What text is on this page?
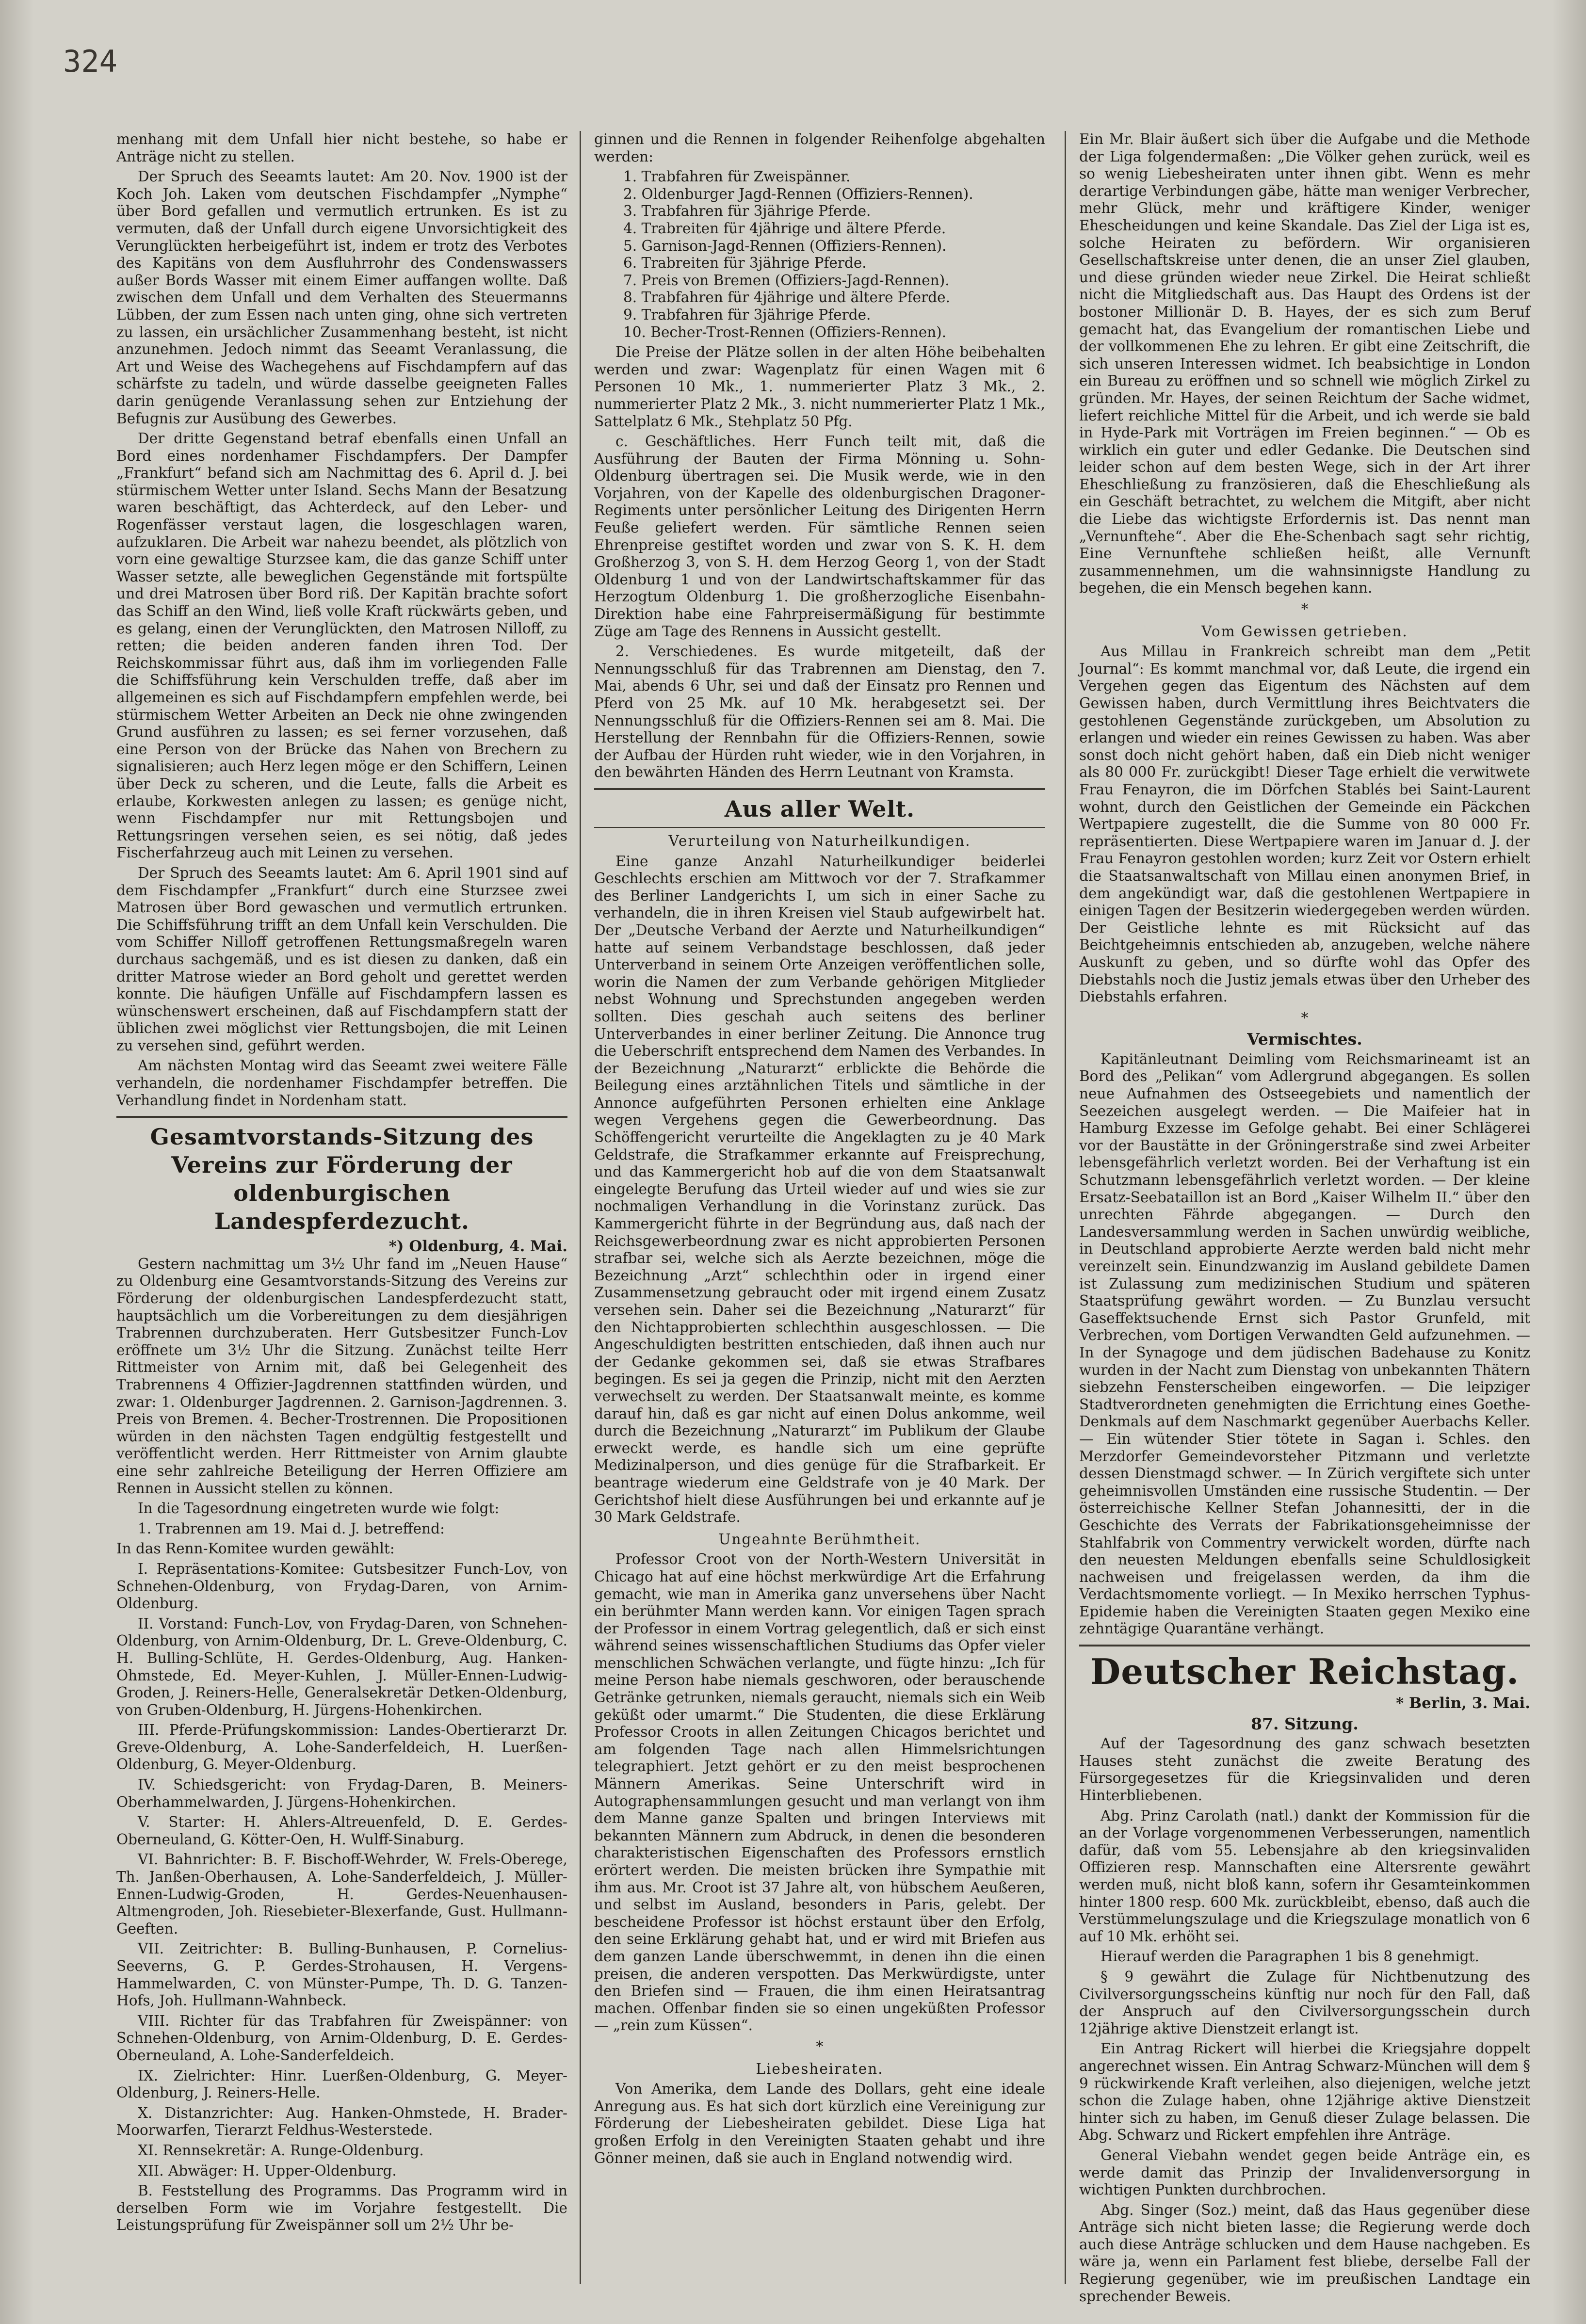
324

menhang mit dem Unfall hier nicht bestehe, so habe er Anträge nicht zu stellen.

Der Spruch des Seeamts lautet: Am 20. Nov. 1900 ist der Koch Joh. Laken vom deutschen Fischdampfer „Nymphe“ über Bord gefallen und vermutlich ertrunken. Es ist zu vermuten, daß der Unfall durch eigene Unvorsichtigkeit des Verunglückten herbeigeführt ist, indem er trotz des Verbotes des Kapitäns von dem Ausfluhrrohr des Condenswassers außer Bords Wasser mit einem Eimer auffangen wollte. Daß zwischen dem Unfall und dem Verhalten des Steuermanns Lübben, der zum Essen nach unten ging, ohne sich vertreten zu lassen, ein ursächlicher Zusammenhang besteht, ist nicht anzunehmen. Jedoch nimmt das Seeamt Veranlassung, die Art und Weise des Wachegehens auf Fischdampfern auf das schärfste zu tadeln, und würde dasselbe geeigneten Falles darin genügende Veranlassung sehen zur Entziehung der Befugnis zur Ausübung des Gewerbes.

Der dritte Gegenstand betraf ebenfalls einen Unfall an Bord eines nordenhamer Fischdampfers. Der Dampfer „Frankfurt“ befand sich am Nachmittag des 6. April d. J. bei stürmischem Wetter unter Island. Sechs Mann der Besatzung waren beschäftigt, das Achterdeck, auf den Leber- und Rogenfässer verstaut lagen, die losgeschlagen waren, aufzuklaren. Die Arbeit war nahezu beendet, als plötzlich von vorn eine gewaltige Sturzsee kam, die das ganze Schiff unter Wasser setzte, alle beweglichen Gegenstände mit fortspülte und drei Matrosen über Bord riß. Der Kapitän brachte sofort das Schiff an den Wind, ließ volle Kraft rückwärts geben, und es gelang, einen der Verunglückten, den Matrosen Nilloff, zu retten; die beiden anderen fanden ihren Tod. Der Reichskommissar führt aus, daß ihm im vorliegenden Falle die Schiffsführung kein Verschulden treffe, daß aber im allgemeinen es sich auf Fischdampfern empfehlen werde, bei stürmischem Wetter Arbeiten an Deck nie ohne zwingenden Grund ausführen zu lassen; es sei ferner vorzusehen, daß eine Person von der Brücke das Nahen von Brechern zu signalisieren; auch Herz legen möge er den Schiffern, Leinen über Deck zu scheren, und die Leute, falls die Arbeit es erlaube, Korkwesten anlegen zu lassen; es genüge nicht, wenn Fischdampfer nur mit Rettungsbojen und Rettungsringen versehen seien, es sei nötig, daß jedes Fischerfahrzeug auch mit Leinen zu versehen.

Der Spruch des Seeamts lautet: Am 6. April 1901 sind auf dem Fischdampfer „Frankfurt“ durch eine Sturzsee zwei Matrosen über Bord gewaschen und vermutlich ertrunken. Die Schiffsführung trifft an dem Unfall kein Verschulden. Die vom Schiffer Nilloff getroffenen Rettungsmaßregeln waren durchaus sachgemäß, und es ist diesen zu danken, daß ein dritter Matrose wieder an Bord geholt und gerettet werden konnte. Die häufigen Unfälle auf Fischdampfern lassen es wünschenswert erscheinen, daß auf Fischdampfern statt der üblichen zwei möglichst vier Rettungsbojen, die mit Leinen zu versehen sind, geführt werden.

Am nächsten Montag wird das Seeamt zwei weitere Fälle verhandeln, die nordenhamer Fischdampfer betreffen. Die Verhandlung findet in Nordenham statt.

Gesamtvorstands-Sitzung des Vereins zur Förderung der oldenburgischen Landespferdezucht.
*) Oldenburg, 4. Mai.

Gestern nachmittag um 3½ Uhr fand im „Neuen Hause“ zu Oldenburg eine Gesamtvorstands-Sitzung des Vereins zur Förderung der oldenburgischen Landespferdezucht statt, hauptsächlich um die Vorbereitungen zu dem diesjährigen Trabrennen durchzuberaten. Herr Gutsbesitzer Funch-Lov eröffnete um 3½ Uhr die Sitzung. Zunächst teilte Herr Rittmeister von Arnim mit, daß bei Gelegenheit des Trabrennens 4 Offizier-Jagdrennen stattfinden würden, und zwar: 1. Oldenburger Jagdrennen. 2. Garnison-Jagdrennen. 3. Preis von Bremen. 4. Becher-Trostrennen. Die Propositionen würden in den nächsten Tagen endgültig festgestellt und veröffentlicht werden. Herr Rittmeister von Arnim glaubte eine sehr zahlreiche Beteiligung der Herren Offiziere am Rennen in Aussicht stellen zu können.

In die Tagesordnung eingetreten wurde wie folgt:

1. Trabrennen am 19. Mai d. J. betreffend:

In das Renn-Komitee wurden gewählt:

I. Repräsentations-Komitee: Gutsbesitzer Funch-Lov, von Schnehen-Oldenburg, von Frydag-Daren, von Arnim-Oldenburg.

II. Vorstand: Funch-Lov, von Frydag-Daren, von Schnehen-Oldenburg, von Arnim-Oldenburg, Dr. L. Greve-Oldenburg, C. H. Bulling-Schlüte, H. Gerdes-Oldenburg, Aug. Hanken-Ohmstede, Ed. Meyer-Kuhlen, J. Müller-Ennen-Ludwig-Groden, J. Reiners-Helle, Generalsekretär Detken-Oldenburg, von Gruben-Oldenburg, H. Jürgens-Hohenkirchen.

III. Pferde-Prüfungskommission: Landes-Obertierarzt Dr. Greve-Oldenburg, A. Lohe-Sanderfeldeich, H. Luerßen-Oldenburg, G. Meyer-Oldenburg.

IV. Schiedsgericht: von Frydag-Daren, B. Meiners-Oberhammelwarden, J. Jürgens-Hohenkirchen.

V. Starter: H. Ahlers-Altreuenfeld, D. E. Gerdes-Oberneuland, G. Kötter-Oen, H. Wulff-Sinaburg.

VI. Bahnrichter: B. F. Bischoff-Wehrder, W. Frels-Oberege, Th. Janßen-Oberhausen, A. Lohe-Sanderfeldeich, J. Müller-Ennen-Ludwig-Groden, H. Gerdes-Neuenhausen-Altmengroden, Joh. Riesebieter-Blexerfande, Gust. Hullmann-Geeften.

VII. Zeitrichter: B. Bulling-Bunhausen, P. Cornelius-Seeverns, G. P. Gerdes-Strohausen, H. Vergens-Hammelwarden, C. von Münster-Pumpe, Th. D. G. Tanzen-Hofs, Joh. Hullmann-Wahnbeck.

VIII. Richter für das Trabfahren für Zweispänner: von Schnehen-Oldenburg, von Arnim-Oldenburg, D. E. Gerdes-Oberneuland, A. Lohe-Sanderfeldeich.

IX. Zielrichter: Hinr. Luerßen-Oldenburg, G. Meyer-Oldenburg, J. Reiners-Helle.

X. Distanzrichter: Aug. Hanken-Ohmstede, H. Brader-Moorwarfen, Tierarzt Feldhus-Westerstede.

XI. Rennsekretär: A. Runge-Oldenburg.

XII. Abwäger: H. Upper-Oldenburg.

B. Feststellung des Programms. Das Programm wird in derselben Form wie im Vorjahre festgestellt. Die Leistungsprüfung für Zweispänner soll um 2½ Uhr be-

ginnen und die Rennen in folgender Reihenfolge abgehalten werden:

1. Trabfahren für Zweispänner.
2. Oldenburger Jagd-Rennen (Offiziers-Rennen).
3. Trabfahren für 3jährige Pferde.
4. Trabreiten für 4jährige und ältere Pferde.
5. Garnison-Jagd-Rennen (Offiziers-Rennen).
6. Trabreiten für 3jährige Pferde.
7. Preis von Bremen (Offiziers-Jagd-Rennen).
8. Trabfahren für 4jährige und ältere Pferde.
9. Trabfahren für 3jährige Pferde.
10. Becher-Trost-Rennen (Offiziers-Rennen).

Die Preise der Plätze sollen in der alten Höhe beibehalten werden und zwar: Wagenplatz für einen Wagen mit 6 Personen 10 Mk., 1. nummerierter Platz 3 Mk., 2. nummerierter Platz 2 Mk., 3. nicht nummerierter Platz 1 Mk., Sattelplatz 6 Mk., Stehplatz 50 Pfg.

c. Geschäftliches. Herr Funch teilt mit, daß die Ausführung der Bauten der Firma Mönning u. Sohn-Oldenburg übertragen sei. Die Musik werde, wie in den Vorjahren, von der Kapelle des oldenburgischen Dragoner-Regiments unter persönlicher Leitung des Dirigenten Herrn Feuße geliefert werden. Für sämtliche Rennen seien Ehrenpreise gestiftet worden und zwar von S. K. H. dem Großherzog 3, von S. H. dem Herzog Georg 1, von der Stadt Oldenburg 1 und von der Landwirtschaftskammer für das Herzogtum Oldenburg 1. Die großherzogliche Eisenbahn-Direktion habe eine Fahrpreisermäßigung für bestimmte Züge am Tage des Rennens in Aussicht gestellt.

2. Verschiedenes. Es wurde mitgeteilt, daß der Nennungsschluß für das Trabrennen am Dienstag, den 7. Mai, abends 6 Uhr, sei und daß der Einsatz pro Rennen und Pferd von 25 Mk. auf 10 Mk. herabgesetzt sei. Der Nennungsschluß für die Offiziers-Rennen sei am 8. Mai. Die Herstellung der Rennbahn für die Offiziers-Rennen, sowie der Aufbau der Hürden ruht wieder, wie in den Vorjahren, in den bewährten Händen des Herrn Leutnant von Kramsta.

Aus aller Welt.

Verurteilung von Naturheilkundigen.

Eine ganze Anzahl Naturheilkundiger beiderlei Geschlechts erschien am Mittwoch vor der 7. Strafkammer des Berliner Landgerichts I, um sich in einer Sache zu verhandeln, die in ihren Kreisen viel Staub aufgewirbelt hat. Der „Deutsche Verband der Aerzte und Naturheilkundigen“ hatte auf seinem Verbandstage beschlossen, daß jeder Unterverband in seinem Orte Anzeigen veröffentlichen solle, worin die Namen der zum Verbande gehörigen Mitglieder nebst Wohnung und Sprechstunden angegeben werden sollten. Dies geschah auch seitens des berliner Unterverbandes in einer berliner Zeitung. Die Annonce trug die Ueberschrift entsprechend dem Namen des Verbandes. In der Bezeichnung „Naturarzt“ erblickte die Behörde die Beilegung eines arztähnlichen Titels und sämtliche in der Annonce aufgeführten Personen erhielten eine Anklage wegen Vergehens gegen die Gewerbeordnung. Das Schöffengericht verurteilte die Angeklagten zu je 40 Mark Geldstrafe, die Strafkammer erkannte auf Freisprechung, und das Kammergericht hob auf die von dem Staatsanwalt eingelegte Berufung das Urteil wieder auf und wies sie zur nochmaligen Verhandlung in die Vorinstanz zurück. Das Kammergericht führte in der Begründung aus, daß nach der Reichsgewerbeordnung zwar es nicht approbierten Personen strafbar sei, welche sich als Aerzte bezeichnen, möge die Bezeichnung „Arzt“ schlechthin oder in irgend einer Zusammensetzung gebraucht oder mit irgend einem Zusatz versehen sein. Daher sei die Bezeichnung „Naturarzt“ für den Nichtapprobierten schlechthin ausgeschlossen. — Die Angeschuldigten bestritten entschieden, daß ihnen auch nur der Gedanke gekommen sei, daß sie etwas Strafbares begingen. Es sei ja gegen die Prinzip, nicht mit den Aerzten verwechselt zu werden. Der Staatsanwalt meinte, es komme darauf hin, daß es gar nicht auf einen Dolus ankomme, weil durch die Bezeichnung „Naturarzt“ im Publikum der Glaube erweckt werde, es handle sich um eine geprüfte Medizinalperson, und dies genüge für die Strafbarkeit. Er beantrage wiederum eine Geldstrafe von je 40 Mark. Der Gerichtshof hielt diese Ausführungen bei und erkannte auf je 30 Mark Geldstrafe.

Ungeahnte Berühmtheit.

Professor Croot von der North-Western Universität in Chicago hat auf eine höchst merkwürdige Art die Erfahrung gemacht, wie man in Amerika ganz unversehens über Nacht ein berühmter Mann werden kann. Vor einigen Tagen sprach der Professor in einem Vortrag gelegentlich, daß er sich einst während seines wissenschaftlichen Studiums das Opfer vieler menschlichen Schwächen verlangte, und fügte hinzu: „Ich für meine Person habe niemals geschworen, oder berauschende Getränke getrunken, niemals geraucht, niemals sich ein Weib geküßt oder umarmt.“ Die Studenten, die diese Erklärung Professor Croots in allen Zeitungen Chicagos berichtet und am folgenden Tage nach allen Himmelsrichtungen telegraphiert. Jetzt gehört er zu den meist besprochenen Männern Amerikas. Seine Unterschrift wird in Autographensammlungen gesucht und man verlangt von ihm dem Manne ganze Spalten und bringen Interviews mit bekannten Männern zum Abdruck, in denen die besonderen charakteristischen Eigenschaften des Professors ernstlich erörtert werden. Die meisten brücken ihre Sympathie mit ihm aus. Mr. Croot ist 37 Jahre alt, von hübschem Aeußeren, und selbst im Ausland, besonders in Paris, gelebt. Der bescheidene Professor ist höchst erstaunt über den Erfolg, den seine Erklärung gehabt hat, und er wird mit Briefen aus dem ganzen Lande überschwemmt, in denen ihn die einen preisen, die anderen verspotten. Das Merkwürdigste, unter den Briefen sind — Frauen, die ihm einen Heiratsantrag machen. Offenbar finden sie so einen ungeküßten Professor — „rein zum Küssen“.

*

Liebesheiraten.

Von Amerika, dem Lande des Dollars, geht eine ideale Anregung aus. Es hat sich dort kürzlich eine Vereinigung zur Förderung der Liebesheiraten gebildet. Diese Liga hat großen Erfolg in den Vereinigten Staaten gehabt und ihre Gönner meinen, daß sie auch in England notwendig wird.

Ein Mr. Blair äußert sich über die Aufgabe und die Methode der Liga folgendermaßen: „Die Völker gehen zurück, weil es so wenig Liebesheiraten unter ihnen gibt. Wenn es mehr derartige Verbindungen gäbe, hätte man weniger Verbrecher, mehr Glück, mehr und kräftigere Kinder, weniger Ehescheidungen und keine Skandale. Das Ziel der Liga ist es, solche Heiraten zu befördern. Wir organisieren Gesellschaftskreise unter denen, die an unser Ziel glauben, und diese gründen wieder neue Zirkel. Die Heirat schließt nicht die Mitgliedschaft aus. Das Haupt des Ordens ist der bostoner Millionär D. B. Hayes, der es sich zum Beruf gemacht hat, das Evangelium der romantischen Liebe und der vollkommenen Ehe zu lehren. Er gibt eine Zeitschrift, die sich unseren Interessen widmet. Ich beabsichtige in London ein Bureau zu eröffnen und so schnell wie möglich Zirkel zu gründen. Mr. Hayes, der seinen Reichtum der Sache widmet, liefert reichliche Mittel für die Arbeit, und ich werde sie bald in Hyde-Park mit Vorträgen im Freien beginnen.“ — Ob es wirklich ein guter und edler Gedanke. Die Deutschen sind leider schon auf dem besten Wege, sich in der Art ihrer Eheschließung zu französieren, daß die Eheschließung als ein Geschäft betrachtet, zu welchem die Mitgift, aber nicht die Liebe das wichtigste Erfordernis ist. Das nennt man „Vernunftehe“. Aber die Ehe-Schenbach sagt sehr richtig, Eine Vernunftehe schließen heißt, alle Vernunft zusammennehmen, um die wahnsinnigste Handlung zu begehen, die ein Mensch begehen kann.

*

Vom Gewissen getrieben.

Aus Millau in Frankreich schreibt man dem „Petit Journal“: Es kommt manchmal vor, daß Leute, die irgend ein Vergehen gegen das Eigentum des Nächsten auf dem Gewissen haben, durch Vermittlung ihres Beichtvaters die gestohlenen Gegenstände zurückgeben, um Absolution zu erlangen und wieder ein reines Gewissen zu haben. Was aber sonst doch nicht gehört haben, daß ein Dieb nicht weniger als 80 000 Fr. zurückgibt! Dieser Tage erhielt die verwitwete Frau Fenayron, die im Dörfchen Stablés bei Saint-Laurent wohnt, durch den Geistlichen der Gemeinde ein Päckchen Wertpapiere zugestellt, die die Summe von 80 000 Fr. repräsentierten. Diese Wertpapiere waren im Januar d. J. der Frau Fenayron gestohlen worden; kurz Zeit vor Ostern erhielt die Staatsanwaltschaft von Millau einen anonymen Brief, in dem angekündigt war, daß die gestohlenen Wertpapiere in einigen Tagen der Besitzerin wiedergegeben werden würden. Der Geistliche lehnte es mit Rücksicht auf das Beichtgeheimnis entschieden ab, anzugeben, welche nähere Auskunft zu geben, und so dürfte wohl das Opfer des Diebstahls noch die Justiz jemals etwas über den Urheber des Diebstahls erfahren.

*
Vermischtes.

Kapitänleutnant Deimling vom Reichsmarineamt ist an Bord des „Pelikan“ vom Adlergrund abgegangen. Es sollen neue Aufnahmen des Ostseegebiets und namentlich der Seezeichen ausgelegt werden. — Die Maifeier hat in Hamburg Exzesse im Gefolge gehabt. Bei einer Schlägerei vor der Baustätte in der Gröningerstraße sind zwei Arbeiter lebensgefährlich verletzt worden. Bei der Verhaftung ist ein Schutzmann lebensgefährlich verletzt worden. — Der kleine Ersatz-Seebataillon ist an Bord „Kaiser Wilhelm II.“ über den unrechten Fährde abgegangen. — Durch den Landesversammlung werden in Sachen unwürdig weibliche, in Deutschland approbierte Aerzte werden bald nicht mehr vereinzelt sein. Einundzwanzig im Ausland gebildete Damen ist Zulassung zum medizinischen Studium und späteren Staatsprüfung gewährt worden. — Zu Bunzlau versucht Gaseffektsuchende Ernst sich Pastor Grunfeld, mit Verbrechen, vom Dortigen Verwandten Geld aufzunehmen. — In der Synagoge und dem jüdischen Badehause zu Konitz wurden in der Nacht zum Dienstag von unbekannten Thätern siebzehn Fensterscheiben eingeworfen. — Die leipziger Stadtverordneten genehmigten die Errichtung eines Goethe-Denkmals auf dem Naschmarkt gegenüber Auerbachs Keller. — Ein wütender Stier tötete in Sagan i. Schles. den Merzdorfer Gemeindevorsteher Pitzmann und verletzte dessen Dienstmagd schwer. — In Zürich vergiftete sich unter geheimnisvollen Umständen eine russische Studentin. — Der österreichische Kellner Stefan Johannesitti, der in die Geschichte des Verrats der Fabrikationsgeheimnisse der Stahlfabrik von Commentry verwickelt worden, dürfte nach den neuesten Meldungen ebenfalls seine Schuldlosigkeit nachweisen und freigelassen werden, da ihm die Verdachtsmomente vorliegt. — In Mexiko herrschen Typhus-Epidemie haben die Vereinigten Staaten gegen Mexiko eine zehntägige Quarantäne verhängt.

Deutscher Reichstag.
* Berlin, 3. Mai.
87. Sitzung.

Auf der Tagesordnung des ganz schwach besetzten Hauses steht zunächst die zweite Beratung des Fürsorgegesetzes für die Kriegsinvaliden und deren Hinterbliebenen.

Abg. Prinz Carolath (natl.) dankt der Kommission für die an der Vorlage vorgenommenen Verbesserungen, namentlich dafür, daß vom 55. Lebensjahre ab den kriegsinvaliden Offizieren resp. Mannschaften eine Altersrente gewährt werden muß, nicht bloß kann, sofern ihr Gesamteinkommen hinter 1800 resp. 600 Mk. zurückbleibt, ebenso, daß auch die Verstümmelungszulage und die Kriegszulage monatlich von 6 auf 10 Mk. erhöht sei.

Hierauf werden die Paragraphen 1 bis 8 genehmigt.

§ 9 gewährt die Zulage für Nichtbenutzung des Civilversorgungsscheins künftig nur noch für den Fall, daß der Anspruch auf den Civilversorgungsschein durch 12jährige aktive Dienstzeit erlangt ist.

Ein Antrag Rickert will hierbei die Kriegsjahre doppelt angerechnet wissen. Ein Antrag Schwarz-München will dem § 9 rückwirkende Kraft verleihen, also diejenigen, welche jetzt schon die Zulage haben, ohne 12jährige aktive Dienstzeit hinter sich zu haben, im Genuß dieser Zulage belassen. Die Abg. Schwarz und Rickert empfehlen ihre Anträge.

General Viebahn wendet gegen beide Anträge ein, es werde damit das Prinzip der Invalidenversorgung in wichtigen Punkten durchbrochen.

Abg. Singer (Soz.) meint, daß das Haus gegenüber diese Anträge sich nicht bieten lasse; die Regierung werde doch auch diese Anträge schlucken und dem Hause nachgeben. Es wäre ja, wenn ein Parlament fest bliebe, derselbe Fall der Regierung gegenüber, wie im preußischen Landtage ein sprechender Beweis.
